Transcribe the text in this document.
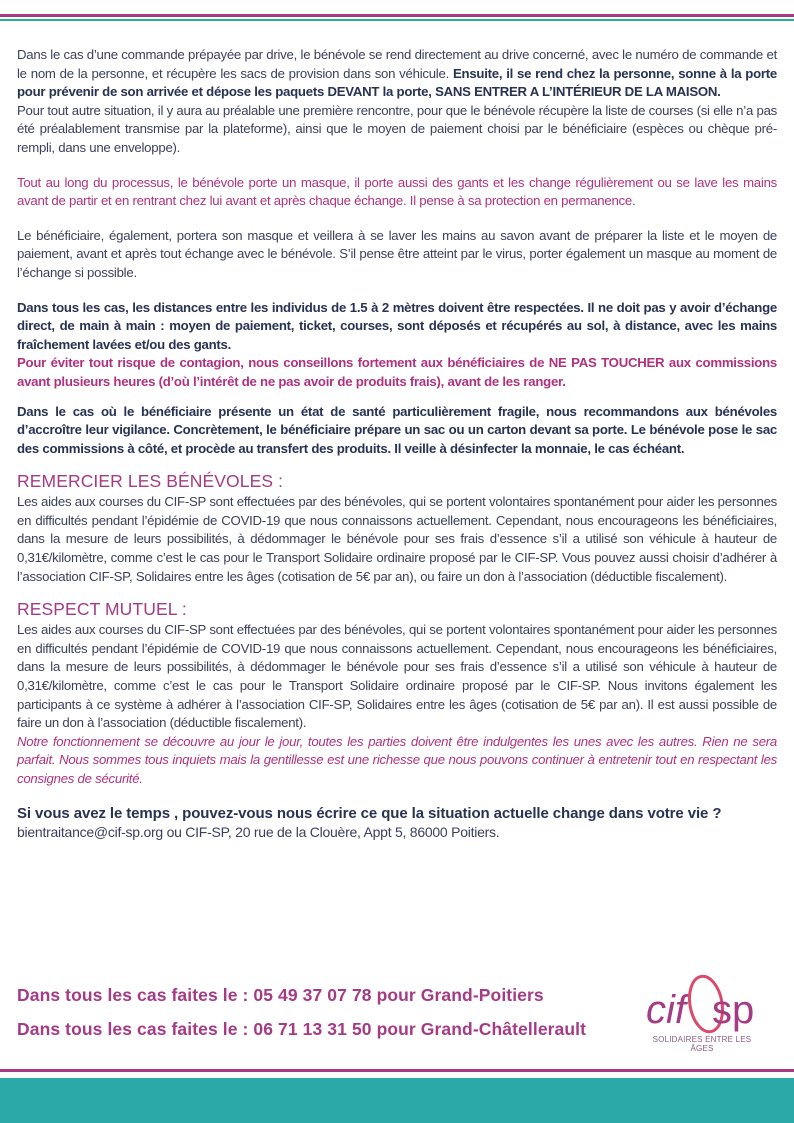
Dans le cas d’une commande prépayée par drive, le bénévole se rend directement au drive concerné, avec le numéro de commande et le nom de la personne, et récupère les sacs de provision dans son véhicule. Ensuite, il se rend chez la personne, sonne à la porte pour prévenir de son arrivée et dépose les paquets DEVANT la porte, SANS ENTRER A L’INTÉRIEUR DE LA MAISON.

Pour tout autre situation, il y aura au préalable une première rencontre, pour que le bénévole récupère la liste de courses (si elle n’a pas été préalablement transmise par la plateforme), ainsi que le moyen de paiement choisi par le bénéficiaire (espèces ou chèque pré-rempli, dans une enveloppe).

Tout au long du processus, le bénévole porte un masque, il porte aussi des gants et les change régulièrement ou se lave les mains avant de partir et en rentrant chez lui avant et après chaque échange. Il pense à sa protection en permanence.

Le bénéficiaire, également, portera son masque et veillera à se laver les mains au savon avant de préparer la liste et le moyen de paiement, avant et après tout échange avec le bénévole. S’il pense être atteint par le virus, porter également un masque au moment de l’échange si possible.

Dans tous les cas, les distances entre les individus de 1.5 à 2 mètres doivent être respectées. Il ne doit pas y avoir d’échange direct, de main à main : moyen de paiement, ticket, courses, sont déposés et récupérés au sol, à distance, avec les mains fraîchement lavées et/ou des gants.

Pour éviter tout risque de contagion, nous conseillons fortement aux bénéficiaires de NE PAS TOUCHER aux commissions avant plusieurs heures (d’où l’intérêt de ne pas avoir de produits frais), avant de les ranger.

Dans le cas où le bénéficiaire présente un état de santé particulièrement fragile, nous recommandons aux bénévoles d’accroître leur vigilance. Concrètement, le bénéficiaire prépare un sac ou un carton devant sa porte. Le bénévole pose le sac des commissions à côté, et procède au transfert des produits. Il veille à désinfecter la monnaie, le cas échéant.

REMERCIER LES BÉNÉVOLES :

Les aides aux courses du CIF-SP sont effectuées par des bénévoles, qui se portent volontaires spontanément pour aider les personnes en difficultés pendant l’épidémie de COVID-19 que nous connaissons actuellement. Cependant, nous encourageons les bénéficiaires, dans la mesure de leurs possibilités, à dédommager le bénévole pour ses frais d’essence s’il a utilisé son véhicule à hauteur de 0,31€/kilomètre, comme c’est le cas pour le Transport Solidaire ordinaire proposé par le CIF-SP. Vous pouvez aussi choisir d’adhérer à l’association CIF-SP, Solidaires entre les âges (cotisation de 5€ par an), ou faire un don à l’association (déductible fiscalement).

RESPECT MUTUEL :

Les aides aux courses du CIF-SP sont effectuées par des bénévoles, qui se portent volontaires spontanément pour aider les personnes en difficultés pendant l’épidémie de COVID-19 que nous connaissons actuellement. Cependant, nous encourageons les bénéficiaires, dans la mesure de leurs possibilités, à dédommager le bénévole pour ses frais d’essence s’il a utilisé son véhicule à hauteur de 0,31€/kilomètre, comme c’est le cas pour le Transport Solidaire ordinaire proposé par le CIF-SP. Nous invitons également les participants à ce système à adhérer à l’association CIF-SP, Solidaires entre les âges (cotisation de 5€ par an). Il est aussi possible de faire un don à l’association (déductible fiscalement).

Notre fonctionnement se découvre au jour le jour, toutes les parties doivent être indulgentes les unes avec les autres. Rien ne sera parfait. Nous sommes tous inquiets mais la gentillesse est une richesse que nous pouvons continuer à entretenir tout en respectant les consignes de sécurité.

Si vous avez le temps , pouvez-vous nous écrire ce que la situation actuelle change dans votre vie ?

bientraitance@cif-sp.org ou CIF-SP, 20 rue de la Clouère, Appt 5, 86000 Poitiers.

Dans tous les cas faites le : 05 49 37 07 78 pour Grand-Poitiers
Dans tous les cas faites le : 06 71 13 31 50 pour Grand-Châtellerault cif sp
SOLIDAIRES ENTRE LES ÂGES
